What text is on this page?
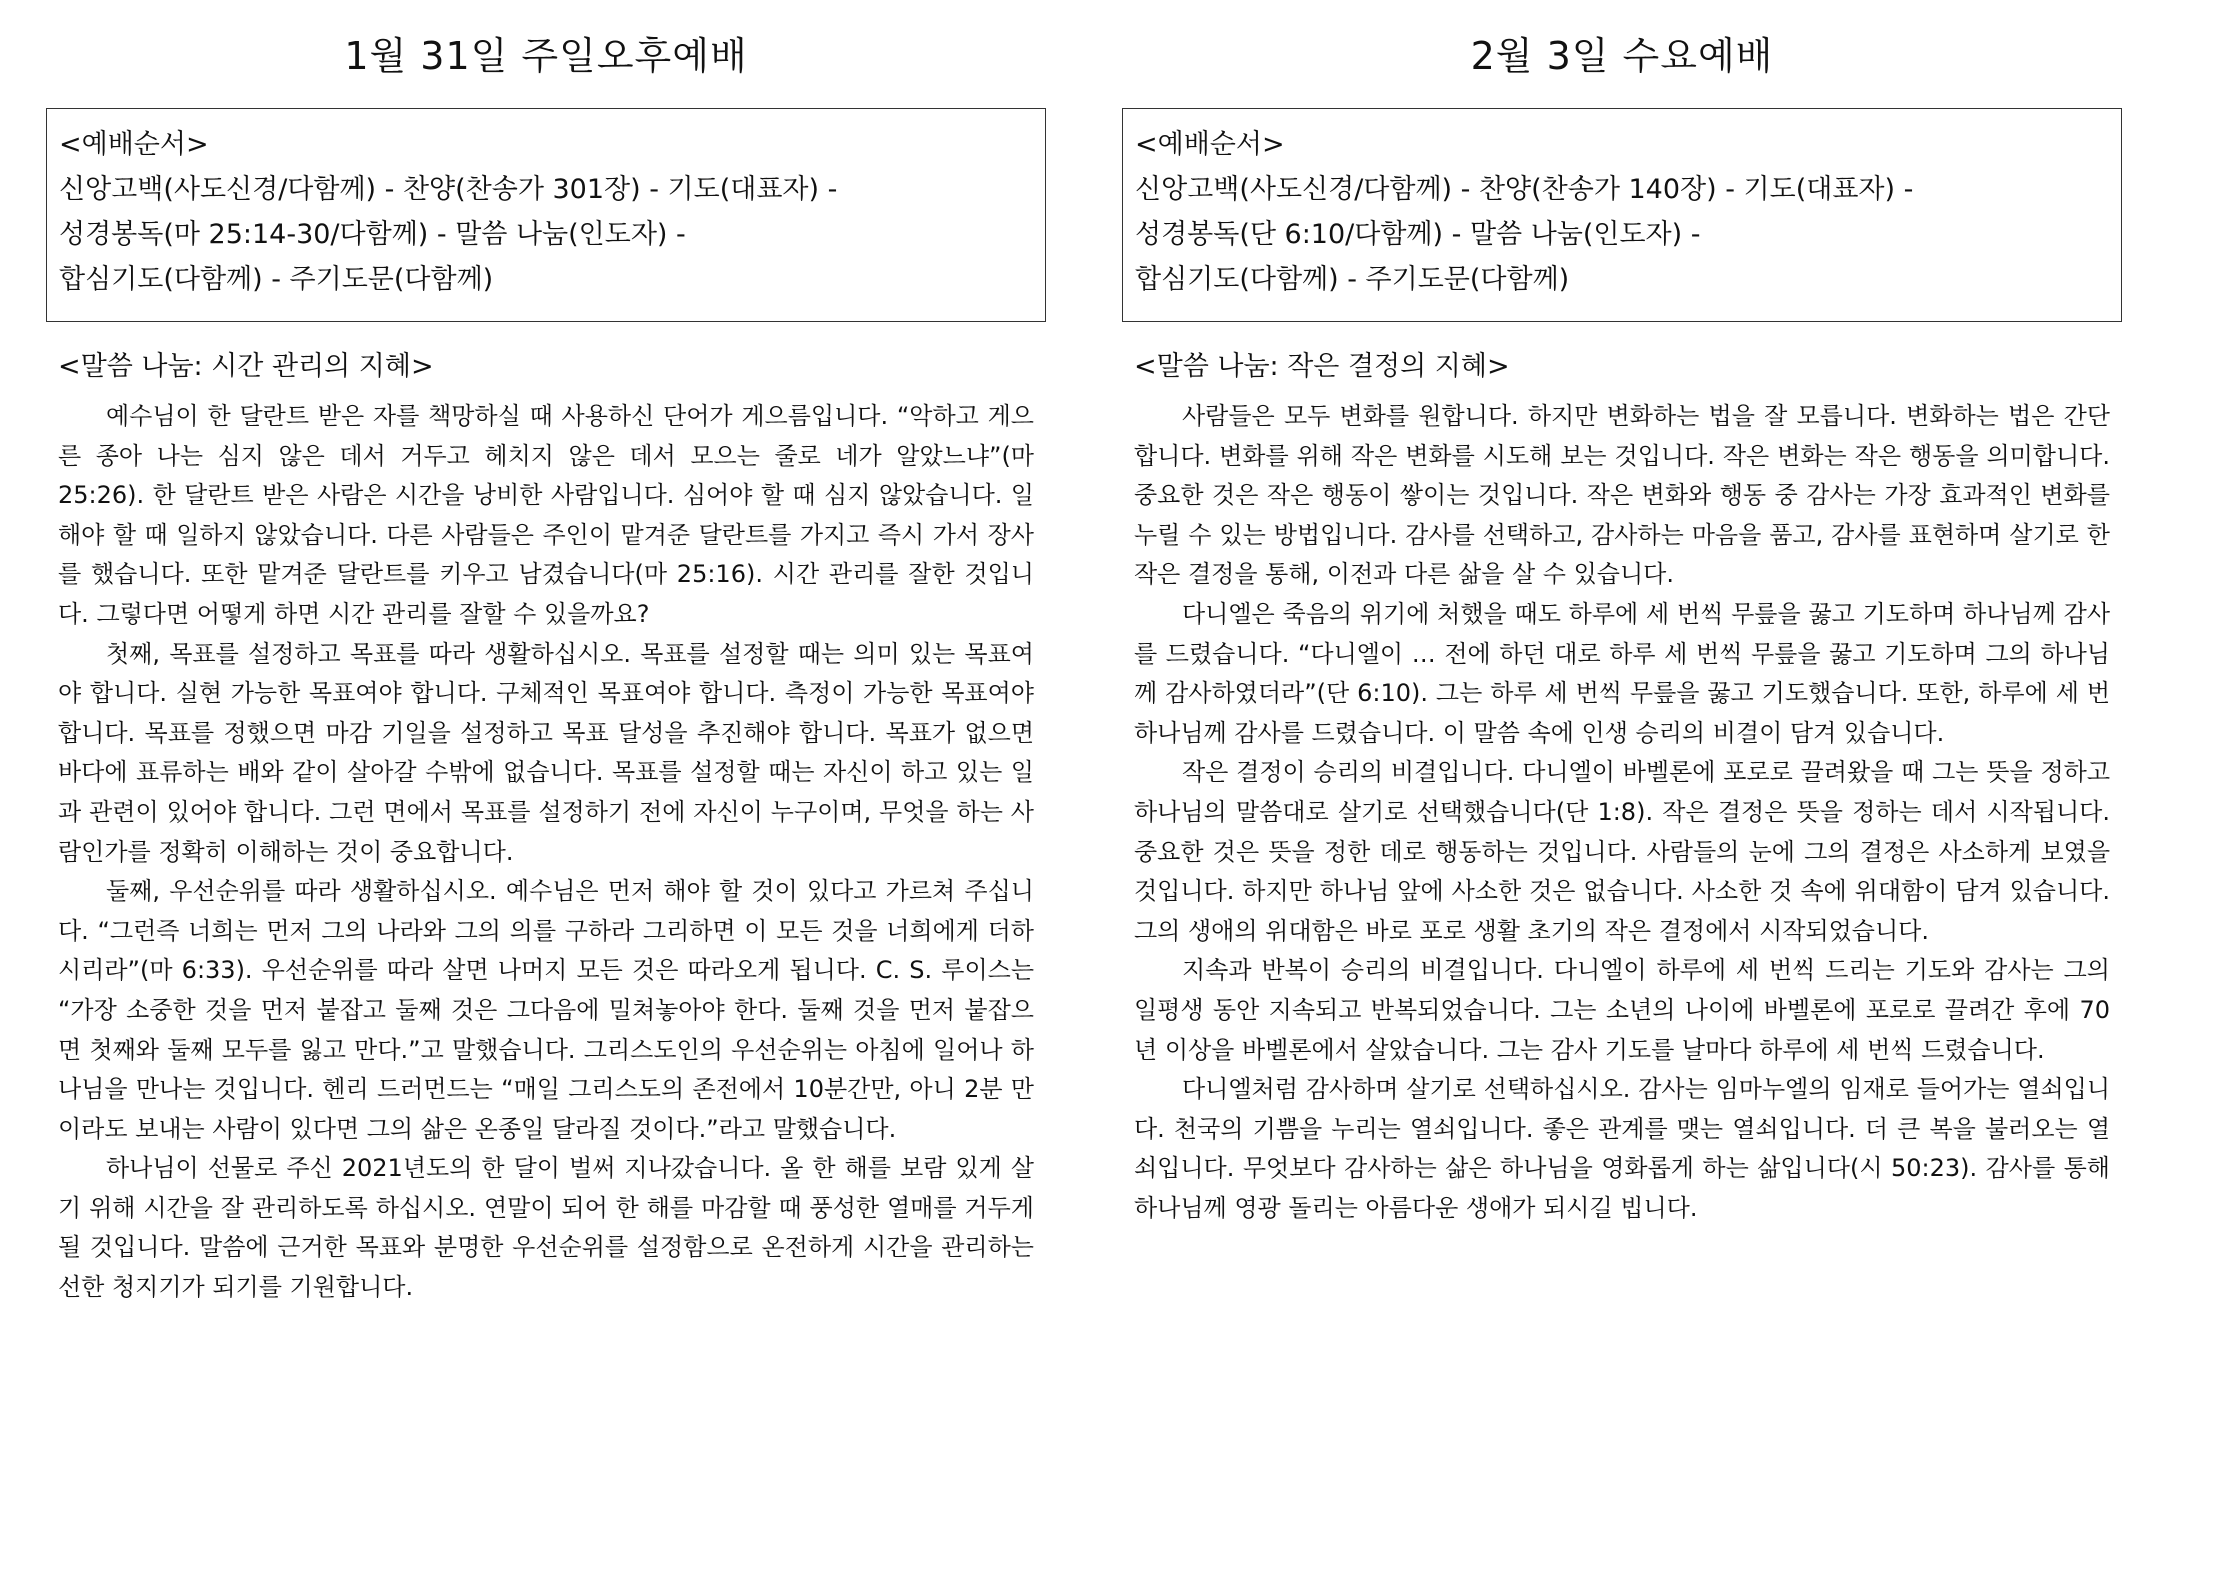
1월 31일 주일오후예배
<예배순서>
신앙고백(사도신경/다함께) - 찬양(찬송가 301장) - 기도(대표자) -
성경봉독(마 25:14-30/다함께) - 말씀 나눔(인도자) -
합심기도(다함께) - 주기도문(다함께)
<말씀 나눔: 시간 관리의 지혜>

예수님이 한 달란트 받은 자를 책망하실 때 사용하신 단어가 게으름입니다. “악하고 게으른 종아 나는 심지 않은 데서 거두고 헤치지 않은 데서 모으는 줄로 네가 알았느냐”(마 25:26). 한 달란트 받은 사람은 시간을 낭비한 사람입니다. 심어야 할 때 심지 않았습니다. 일해야 할 때 일하지 않았습니다. 다른 사람들은 주인이 맡겨준 달란트를 가지고 즉시 가서 장사를 했습니다. 또한 맡겨준 달란트를 키우고 남겼습니다(마 25:16). 시간 관리를 잘한 것입니다. 그렇다면 어떻게 하면 시간 관리를 잘할 수 있을까요?

첫째, 목표를 설정하고 목표를 따라 생활하십시오. 목표를 설정할 때는 의미 있는 목표여야 합니다. 실현 가능한 목표여야 합니다. 구체적인 목표여야 합니다. 측정이 가능한 목표여야 합니다. 목표를 정했으면 마감 기일을 설정하고 목표 달성을 추진해야 합니다. 목표가 없으면 바다에 표류하는 배와 같이 살아갈 수밖에 없습니다. 목표를 설정할 때는 자신이 하고 있는 일과 관련이 있어야 합니다. 그런 면에서 목표를 설정하기 전에 자신이 누구이며, 무엇을 하는 사람인가를 정확히 이해하는 것이 중요합니다.

둘째, 우선순위를 따라 생활하십시오. 예수님은 먼저 해야 할 것이 있다고 가르쳐 주십니다. “그런즉 너희는 먼저 그의 나라와 그의 의를 구하라 그리하면 이 모든 것을 너희에게 더하시리라”(마 6:33). 우선순위를 따라 살면 나머지 모든 것은 따라오게 됩니다. C. S. 루이스는 “가장 소중한 것을 먼저 붙잡고 둘째 것은 그다음에 밀쳐놓아야 한다. 둘째 것을 먼저 붙잡으면 첫째와 둘째 모두를 잃고 만다.”고 말했습니다. 그리스도인의 우선순위는 아침에 일어나 하나님을 만나는 것입니다. 헨리 드러먼드는 “매일 그리스도의 존전에서 10분간만, 아니 2분 만이라도 보내는 사람이 있다면 그의 삶은 온종일 달라질 것이다.”라고 말했습니다.

하나님이 선물로 주신 2021년도의 한 달이 벌써 지나갔습니다. 올 한 해를 보람 있게 살기 위해 시간을 잘 관리하도록 하십시오. 연말이 되어 한 해를 마감할 때 풍성한 열매를 거두게 될 것입니다. 말씀에 근거한 목표와 분명한 우선순위를 설정함으로 온전하게 시간을 관리하는 선한 청지기가 되기를 기원합니다.

2월 3일 수요예배
<예배순서>
신앙고백(사도신경/다함께) - 찬양(찬송가 140장) - 기도(대표자) -
성경봉독(단 6:10/다함께) - 말씀 나눔(인도자) -
합심기도(다함께) - 주기도문(다함께)
<말씀 나눔: 작은 결정의 지혜>

사람들은 모두 변화를 원합니다. 하지만 변화하는 법을 잘 모릅니다. 변화하는 법은 간단합니다. 변화를 위해 작은 변화를 시도해 보는 것입니다. 작은 변화는 작은 행동을 의미합니다. 중요한 것은 작은 행동이 쌓이는 것입니다. 작은 변화와 행동 중 감사는 가장 효과적인 변화를 누릴 수 있는 방법입니다. 감사를 선택하고, 감사하는 마음을 품고, 감사를 표현하며 살기로 한 작은 결정을 통해, 이전과 다른 삶을 살 수 있습니다.

다니엘은 죽음의 위기에 처했을 때도 하루에 세 번씩 무릎을 꿇고 기도하며 하나님께 감사를 드렸습니다. “다니엘이 … 전에 하던 대로 하루 세 번씩 무릎을 꿇고 기도하며 그의 하나님께 감사하였더라”(단 6:10). 그는 하루 세 번씩 무릎을 꿇고 기도했습니다. 또한, 하루에 세 번 하나님께 감사를 드렸습니다. 이 말씀 속에 인생 승리의 비결이 담겨 있습니다.

작은 결정이 승리의 비결입니다. 다니엘이 바벨론에 포로로 끌려왔을 때 그는 뜻을 정하고 하나님의 말씀대로 살기로 선택했습니다(단 1:8). 작은 결정은 뜻을 정하는 데서 시작됩니다. 중요한 것은 뜻을 정한 데로 행동하는 것입니다. 사람들의 눈에 그의 결정은 사소하게 보였을 것입니다. 하지만 하나님 앞에 사소한 것은 없습니다. 사소한 것 속에 위대함이 담겨 있습니다. 그의 생애의 위대함은 바로 포로 생활 초기의 작은 결정에서 시작되었습니다.

지속과 반복이 승리의 비결입니다. 다니엘이 하루에 세 번씩 드리는 기도와 감사는 그의 일평생 동안 지속되고 반복되었습니다. 그는 소년의 나이에 바벨론에 포로로 끌려간 후에 70년 이상을 바벨론에서 살았습니다. 그는 감사 기도를 날마다 하루에 세 번씩 드렸습니다.

다니엘처럼 감사하며 살기로 선택하십시오. 감사는 임마누엘의 임재로 들어가는 열쇠입니다. 천국의 기쁨을 누리는 열쇠입니다. 좋은 관계를 맺는 열쇠입니다. 더 큰 복을 불러오는 열쇠입니다. 무엇보다 감사하는 삶은 하나님을 영화롭게 하는 삶입니다(시 50:23). 감사를 통해 하나님께 영광 돌리는 아름다운 생애가 되시길 빕니다.
